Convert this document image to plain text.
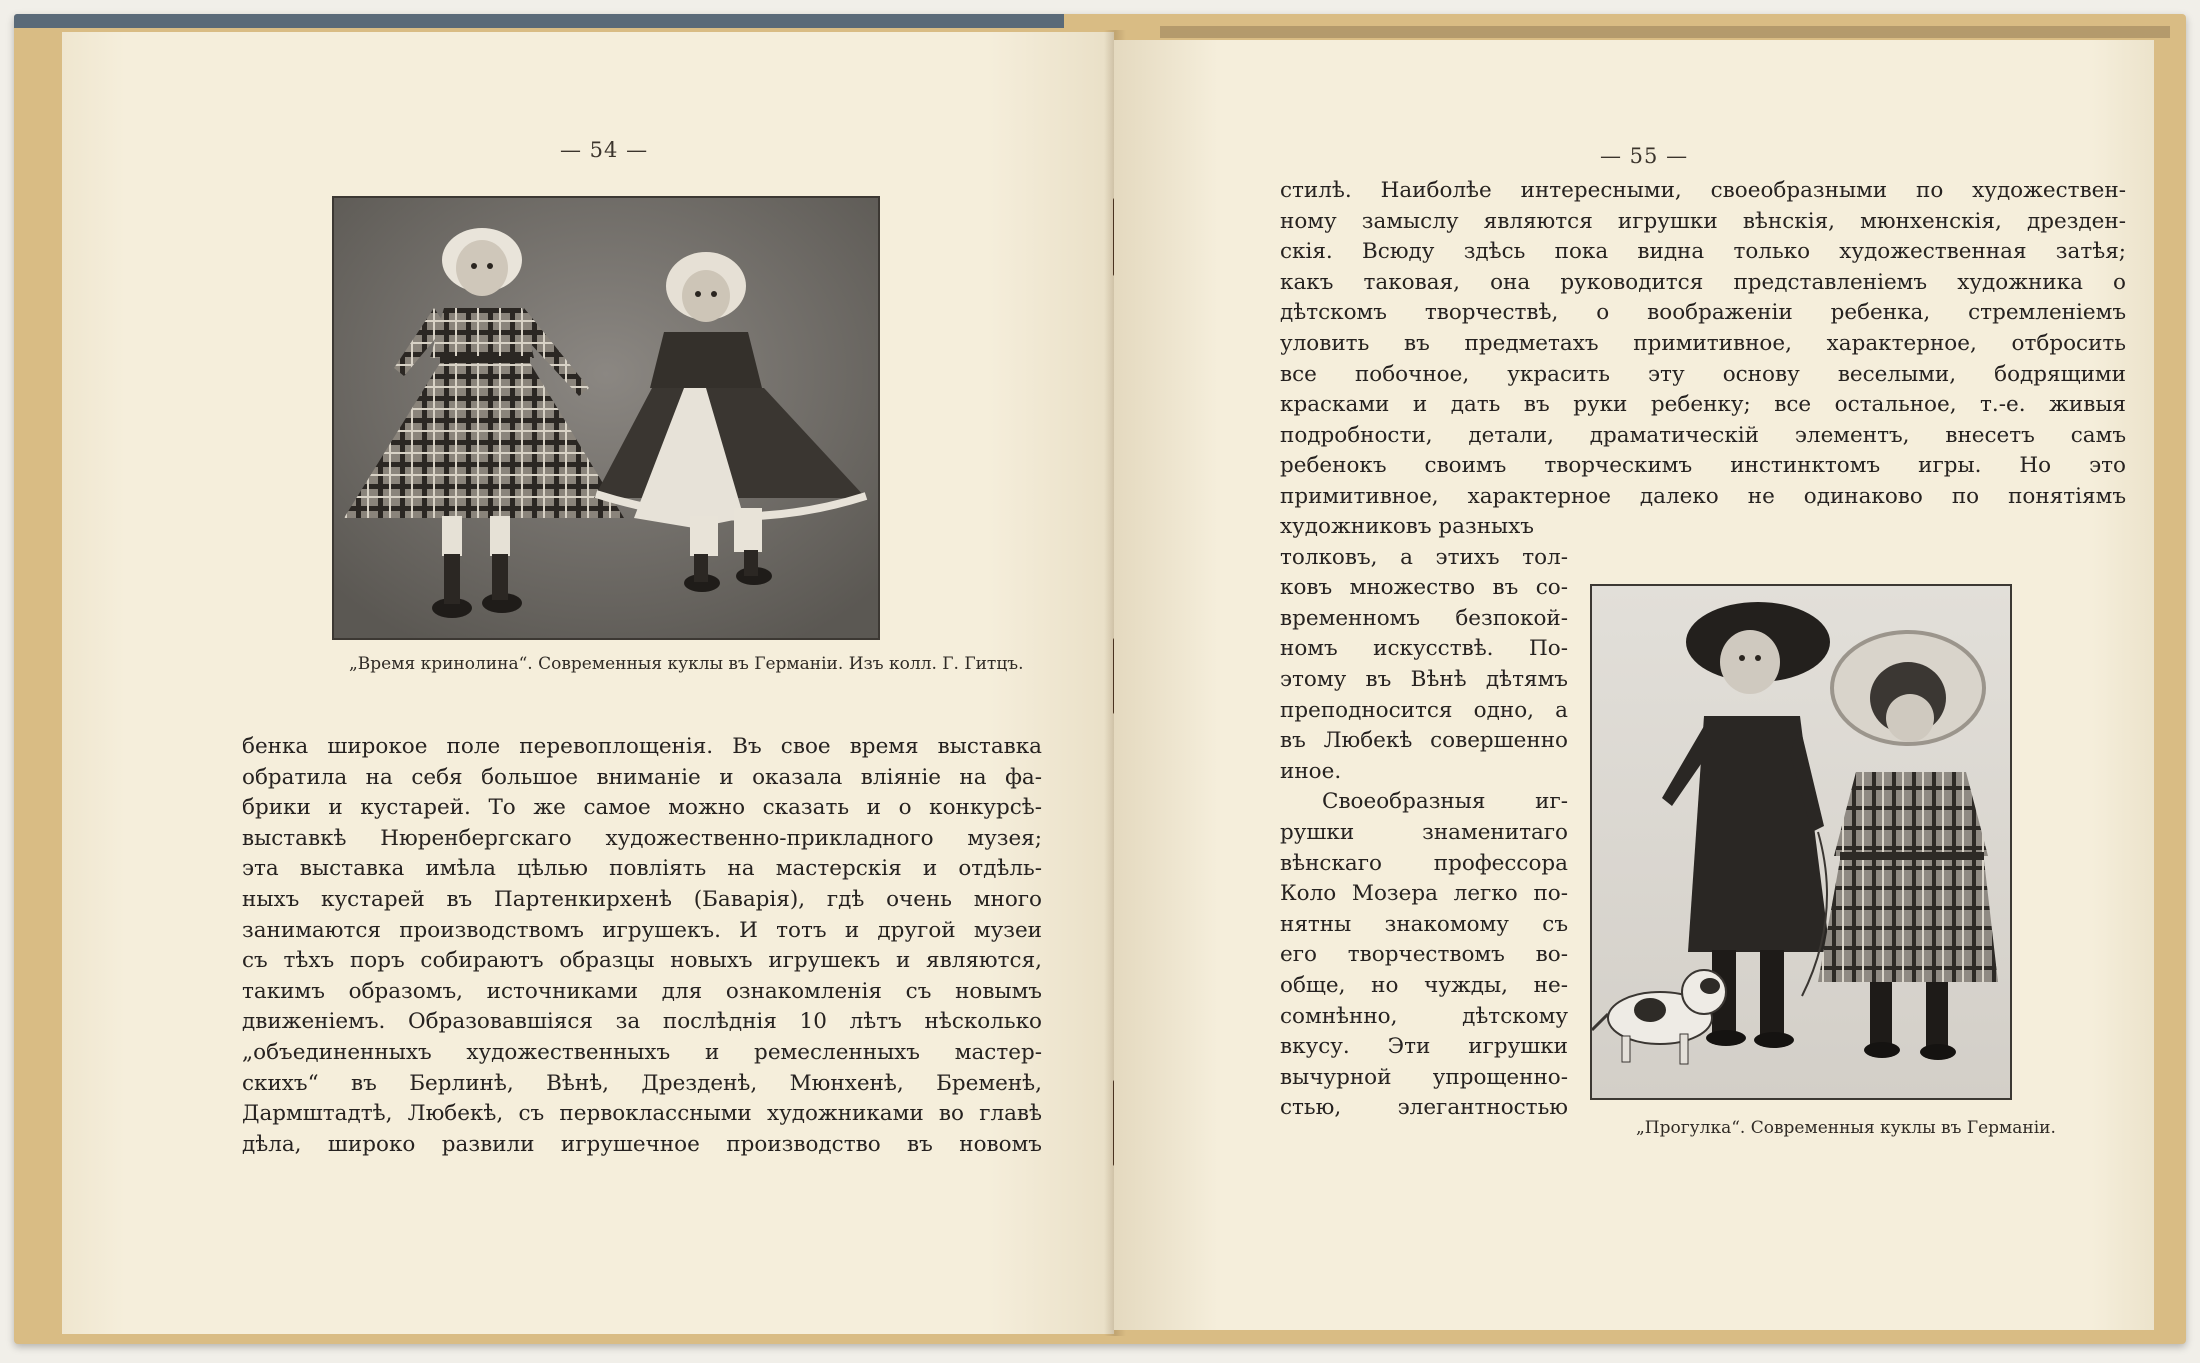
— 54 —
„Время кринолина“. Современныя куклы въ Германіи. Изъ колл. Г. Гитцъ.
бенка широкое поле перевоплощенія. Въ свое время выставка
обратила на себя большое вниманіе и оказала вліяніе на фа-
брики и кустарей. То же самое можно сказать и о конкурсѣ-
выставкѣ Нюренбергскаго художественно-прикладного музея;
эта выставка имѣла цѣлью повліять на мастерскія и отдѣль-
ныхъ кустарей въ Партенкирхенѣ (Баварія), гдѣ очень много
занимаются производствомъ игрушекъ. И тотъ и другой музеи
съ тѣхъ поръ собираютъ образцы новыхъ игрушекъ и являются,
такимъ образомъ, источниками для ознакомленія съ новымъ
движеніемъ. Образовавшіяся за послѣднія 10 лѣтъ нѣсколько
„объединенныхъ художественныхъ и ремесленныхъ мастер-
скихъ“ въ Берлинѣ, Вѣнѣ, Дрезденѣ, Мюнхенѣ, Бременѣ,
Дармштадтѣ, Любекѣ, съ первоклассными художниками во главѣ
дѣла, широко развили игрушечное производство въ новомъ
— 55 —
стилѣ. Наиболѣе интересными, своеобразными по художествен-
ному замыслу являются игрушки вѣнскія, мюнхенскія, дрезден-
скія. Всюду здѣсь пока видна только художественная затѣя;
какъ таковая, она руководится представленіемъ художника о
дѣтскомъ творчествѣ, о воображеніи ребенка, стремленіемъ
уловить въ предметахъ примитивное, характерное, отбросить
все побочное, украсить эту основу веселыми, бодрящими
красками и дать въ руки ребенку; все остальное, т.-е. живыя
подробности, детали, драматическій элементъ, внесетъ самъ
ребенокъ своимъ творческимъ инстинктомъ игры. Но это
примитивное, характерное далеко не одинаково по понятіямъ
художниковъ разныхъ
толковъ, а этихъ тол-
ковъ множество въ со-
временномъ безпокой-
номъ искусствѣ. По-
этому въ Вѣнѣ дѣтямъ
преподносится одно, а
въ Любекѣ совершенно
иное.
Своеобразныя иг-
рушки знаменитаго
вѣнскаго профессора
Коло Мозера легко по-
нятны знакомому съ
его творчествомъ во-
обще, но чужды, не-
сомнѣнно, дѣтскому
вкусу. Эти игрушки
вычурной упрощенно-
стью, элегантностью
„Прогулка“. Современныя куклы въ Германіи.
